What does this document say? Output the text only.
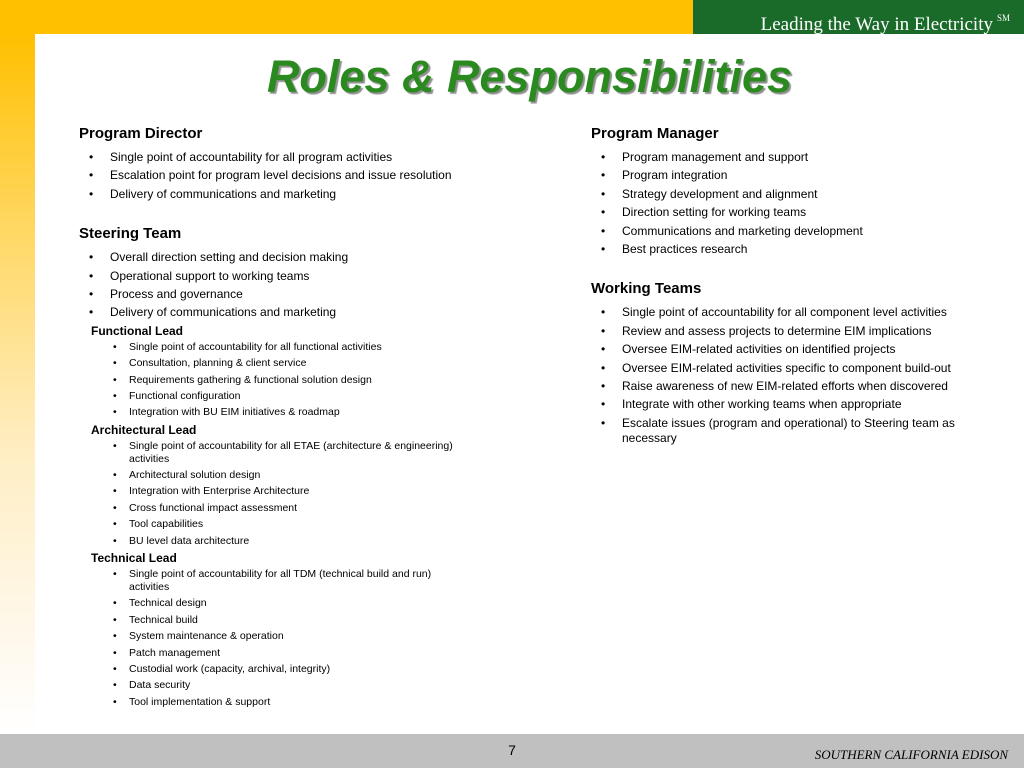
Leading the Way in Electricity ℠
Roles & Responsibilities
Program Director
• Single point of accountability for all program activities
• Escalation point for program level decisions and issue resolution
• Delivery of communications and marketing
Steering Team
• Overall direction setting and decision making
• Operational support to working teams
• Process and governance
• Delivery of communications and marketing
Functional Lead
• Single point of accountability for all functional activities
• Consultation, planning & client service
• Requirements gathering & functional solution design
• Functional configuration
• Integration with BU EIM initiatives & roadmap
Architectural Lead
• Single point of accountability for all ETAE (architecture & engineering) activities
• Architectural solution design
• Integration with Enterprise Architecture
• Cross functional impact assessment
• Tool capabilities
• BU level data architecture
Technical Lead
• Single point of accountability for all TDM (technical build and run) activities
• Technical design
• Technical build
• System maintenance & operation
• Patch management
• Custodial work (capacity, archival, integrity)
• Data security
• Tool implementation & support
Program Manager
• Program management and support
• Program integration
• Strategy development and alignment
• Direction setting for working teams
• Communications and marketing development
• Best practices research
Working Teams
• Single point of accountability for all component level activities
• Review and assess projects to determine EIM implications
• Oversee EIM-related activities on identified projects
• Oversee EIM-related activities specific to component build-out
• Raise awareness of new EIM-related efforts when discovered
• Integrate with other working teams when appropriate
• Escalate issues (program and operational) to Steering team as necessary
7	SOUTHERN CALIFORNIA EDISON
